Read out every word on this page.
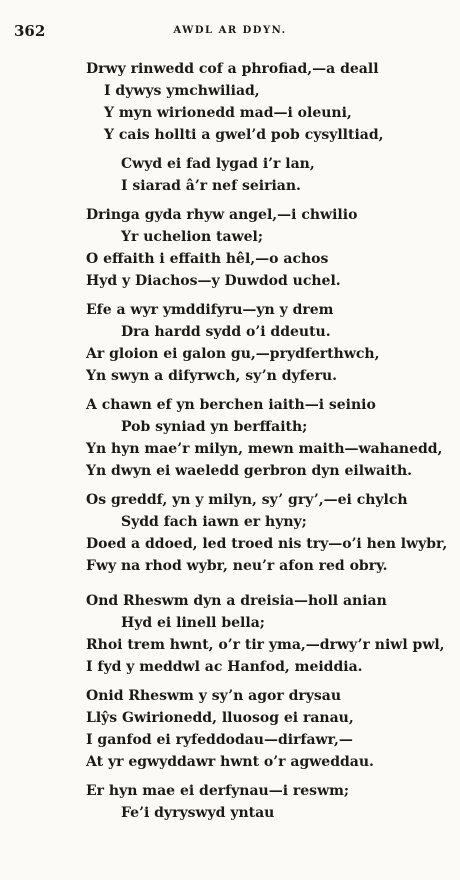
362	AWDL AR DDYN.
Drwy rinwedd cof a phrofiad,—a deall
I dywys ymchwiliad,
Y myn wirionedd mad—i oleuni,
Y cais hollti a gwel’d pob cysylltiad,
Cwyd ei fad lygad i’r lan,
I siarad â’r nef seirian.
Dringa gyda rhyw angel,—i chwilio
Yr uchelion tawel;
O effaith i effaith hêl,—o achos
Hyd y Diachos—y Duwdod uchel.
Efe a wyr ymddifyru—yn y drem
Dra hardd sydd o’i ddeutu.
Ar gloion ei galon gu,—prydferthwch,
Yn swyn a difyrwch, sy’n dyferu.
A chawn ef yn berchen iaith—i seinio
Pob syniad yn berffaith;
Yn hyn mae’r milyn, mewn maith—wahanedd,
Yn dwyn ei waeledd gerbron dyn eilwaith.
Os greddf, yn y milyn, sy’ gry’,—ei chylch
Sydd fach iawn er hyny;
Doed a ddoed, led troed nis try—o’i hen lwybr,
Fwy na rhod wybr, neu’r afon red obry.
Ond Rheswm dyn a dreisia—holl anian
Hyd ei linell bella;
Rhoi trem hwnt, o’r tir yma,—drwy’r niwl pwl,
I fyd y meddwl ac Hanfod, meiddia.
Onid Rheswm y sy’n agor drysau
Llŷs Gwirionedd, lluosog ei ranau,
I ganfod ei ryfeddodau—dirfawr,—
At yr egwyddawr hwnt o’r agweddau.
Er hyn mae ei derfynau—i reswm;
Fe’i dyryswyd yntau
